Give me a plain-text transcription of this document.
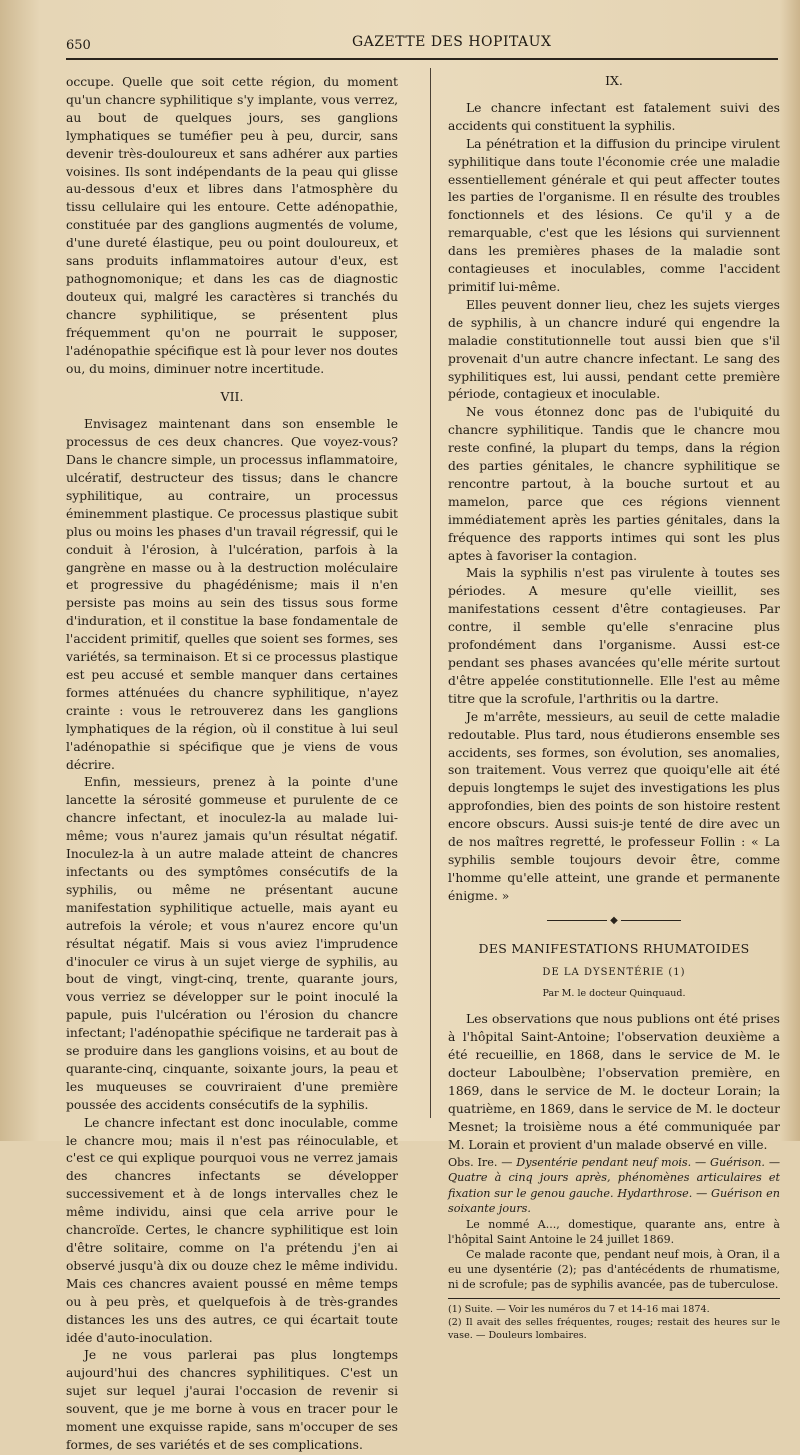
650	GAZETTE DES HOPITAUX

occupe. Quelle que soit cette région, du moment qu'un chancre syphilitique s'y implante, vous verrez, au bout de quelques jours, ses ganglions lymphatiques se tuméfier peu à peu, durcir, sans devenir très-douloureux et sans adhérer aux parties voisines. Ils sont indépendants de la peau qui glisse au-dessous d'eux et libres dans l'atmosphère du tissu cellulaire qui les entoure. Cette adénopathie, constituée par des ganglions augmentés de volume, d'une dureté élastique, peu ou point douloureux, et sans produits inflammatoires autour d'eux, est pathognomonique; et dans les cas de diagnostic douteux qui, malgré les caractères si tranchés du chancre syphilitique, se présentent plus fréquemment qu'on ne pourrait le supposer, l'adénopathie spécifique est là pour lever nos doutes ou, du moins, diminuer notre incertitude.

VII.

Envisagez maintenant dans son ensemble le processus de ces deux chancres. Que voyez-vous? Dans le chancre simple, un processus inflammatoire, ulcératif, destructeur des tissus; dans le chancre syphilitique, au contraire, un processus éminemment plastique. Ce processus plastique subit plus ou moins les phases d'un travail régressif, qui le conduit à l'érosion, à l'ulcération, parfois à la gangrène en masse ou à la destruction moléculaire et progressive du phagédénisme; mais il n'en persiste pas moins au sein des tissus sous forme d'induration, et il constitue la base fondamentale de l'accident primitif, quelles que soient ses formes, ses variétés, sa terminaison. Et si ce processus plastique est peu accusé et semble manquer dans certaines formes atténuées du chancre syphilitique, n'ayez crainte : vous le retrouverez dans les ganglions lymphatiques de la région, où il constitue à lui seul l'adénopathie si spécifique que je viens de vous décrire.

Enfin, messieurs, prenez à la pointe d'une lancette la sérosité gommeuse et purulente de ce chancre infectant, et inoculez-la au malade lui-même; vous n'aurez jamais qu'un résultat négatif. Inoculez-la à un autre malade atteint de chancres infectants ou des symptômes consécutifs de la syphilis, ou même ne présentant aucune manifestation syphilitique actuelle, mais ayant eu autrefois la vérole; et vous n'aurez encore qu'un résultat négatif. Mais si vous aviez l'imprudence d'inoculer ce virus à un sujet vierge de syphilis, au bout de vingt, vingt-cinq, trente, quarante jours, vous verriez se développer sur le point inoculé la papule, puis l'ulcération ou l'érosion du chancre infectant; l'adénopathie spécifique ne tarderait pas à se produire dans les ganglions voisins, et au bout de quarante-cinq, cinquante, soixante jours, la peau et les muqueuses se couvriraient d'une première poussée des accidents consécutifs de la syphilis.

Le chancre infectant est donc inoculable, comme le chancre mou; mais il n'est pas réinoculable, et c'est ce qui explique pourquoi vous ne verrez jamais des chancres infectants se développer successivement et à de longs intervalles chez le même individu, ainsi que cela arrive pour le chancroïde. Certes, le chancre syphilitique est loin d'être solitaire, comme on l'a prétendu j'en ai observé jusqu'à dix ou douze chez le même individu. Mais ces chancres avaient poussé en même temps ou à peu près, et quelquefois à de très-grandes distances les uns des autres, ce qui écartait toute idée d'auto-inoculation.

Je ne vous parlerai pas plus longtemps aujourd'hui des chancres syphilitiques. C'est un sujet sur lequel j'aurai l'occasion de revenir si souvent, que je me borne à vous en tracer pour le moment une exquisse rapide, sans m'occuper de ses formes, de ses variétés et de ses complications.

IX.

Le chancre infectant est fatalement suivi des accidents qui constituent la syphilis.

La pénétration et la diffusion du principe virulent syphilitique dans toute l'économie crée une maladie essentiellement générale et qui peut affecter toutes les parties de l'organisme. Il en résulte des troubles fonctionnels et des lésions. Ce qu'il y a de remarquable, c'est que les lésions qui surviennent dans les premières phases de la maladie sont contagieuses et inoculables, comme l'accident primitif lui-même.

Elles peuvent donner lieu, chez les sujets vierges de syphilis, à un chancre induré qui engendre la maladie constitutionnelle tout aussi bien que s'il provenait d'un autre chancre infectant. Le sang des syphilitiques est, lui aussi, pendant cette première période, contagieux et inoculable.

Ne vous étonnez donc pas de l'ubiquité du chancre syphilitique. Tandis que le chancre mou reste confiné, la plupart du temps, dans la région des parties génitales, le chancre syphilitique se rencontre partout, à la bouche surtout et au mamelon, parce que ces régions viennent immédiatement après les parties génitales, dans la fréquence des rapports intimes qui sont les plus aptes à favoriser la contagion.

Mais la syphilis n'est pas virulente à toutes ses périodes. A mesure qu'elle vieillit, ses manifestations cessent d'être contagieuses. Par contre, il semble qu'elle s'enracine plus profondément dans l'organisme. Aussi est-ce pendant ses phases avancées qu'elle mérite surtout d'être appelée constitutionnelle. Elle l'est au même titre que la scrofule, l'arthritis ou la dartre.

Je m'arrête, messieurs, au seuil de cette maladie redoutable. Plus tard, nous étudierons ensemble ses accidents, ses formes, son évolution, ses anomalies, son traitement. Vous verrez que quoiqu'elle ait été depuis longtemps le sujet des investigations les plus approfondies, bien des points de son histoire restent encore obscurs. Aussi suis-je tenté de dire avec un de nos maîtres regretté, le professeur Follin : « La syphilis semble toujours devoir être, comme l'homme qu'elle atteint, une grande et permanente énigme. »

◆
DES MANIFESTATIONS RHUMATOIDES
DE LA DYSENTÉRIE (1)
Par M. le docteur Quinquaud.

Les observations que nous publions ont été prises à l'hôpital Saint-Antoine; l'observation deuxième a été recueillie, en 1868, dans le service de M. le docteur Laboulbène; l'observation première, en 1869, dans le service de M. le docteur Lorain; la quatrième, en 1869, dans le service de M. le docteur Mesnet; la troisième nous a été communiquée par M. Lorain et provient d'un malade observé en ville.

Obs. Ire. — Dysentérie pendant neuf mois. — Guérison. — Quatre à cinq jours après, phénomènes articulaires et fixation sur le genou gauche. Hydarthrose. — Guérison en soixante jours.

Le nommé A..., domestique, quarante ans, entre à l'hôpital Saint Antoine le 24 juillet 1869.

Ce malade raconte que, pendant neuf mois, à Oran, il a eu une dysentérie (2); pas d'antécédents de rhumatisme, ni de scrofule; pas de syphilis avancée, pas de tuberculose.

(1) Suite. — Voir les numéros du 7 et 14-16 mai 1874.
(2) Il avait des selles fréquentes, rouges; restait des heures sur le vase. — Douleurs lombaires.
